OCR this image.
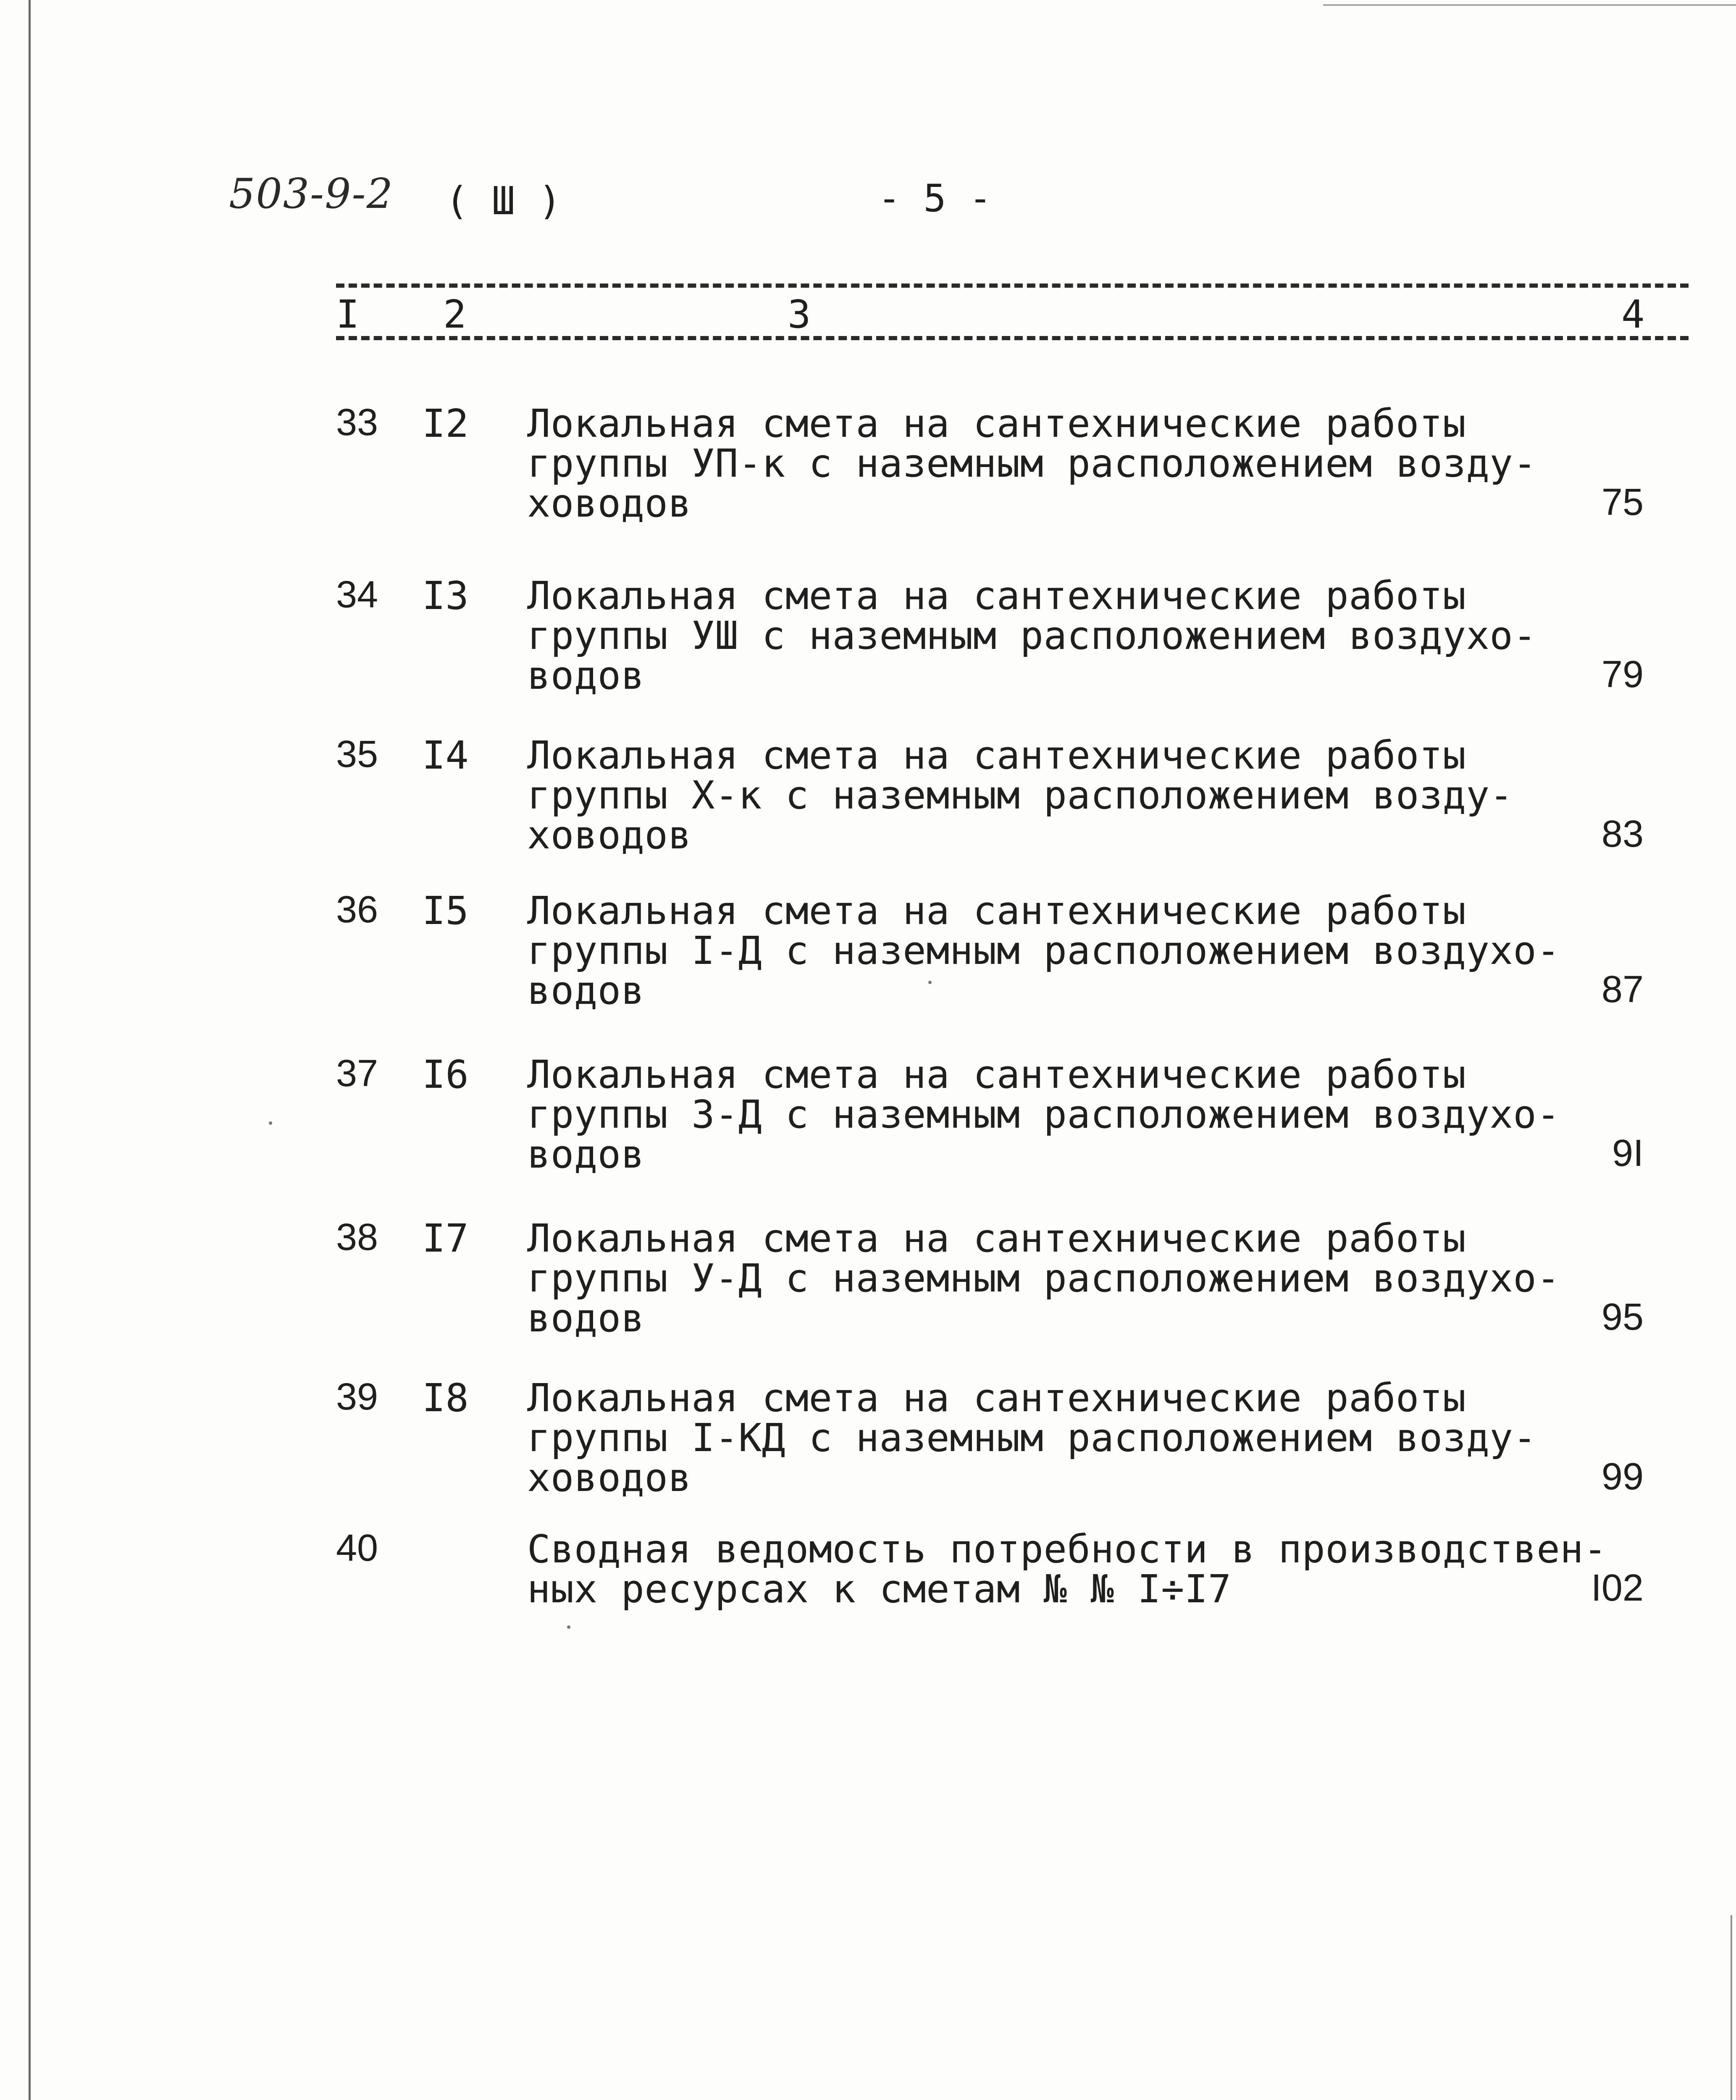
503-9-2 ( Ш )	- 5 -
I 2	3	4
33 I2 Локальная смета на сантехнические работы
группы УП-к с наземным расположением возду-
ховодов	75
34 I3 Локальная смета на сантехнические работы
группы УШ с наземным расположением воздухо-
водов	79
35 I4 Локальная смета на сантехнические работы
группы Х-к с наземным расположением возду-
ховодов	83
36 I5 Локальная смета на сантехнические работы
группы I-Д с наземным расположением воздухо-
водов	87
37 I6 Локальная смета на сантехнические работы
группы З-Д с наземным расположением воздухо-
водов	9I
38 I7 Локальная смета на сантехнические работы
группы У-Д с наземным расположением воздухо-
водов	95
39 I8 Локальная смета на сантехнические работы
группы I-КД с наземным расположением возду-
ховодов	99
40	Сводная ведомость потребности в производствен-
ных ресурсах к сметам № № I÷I7	I02
